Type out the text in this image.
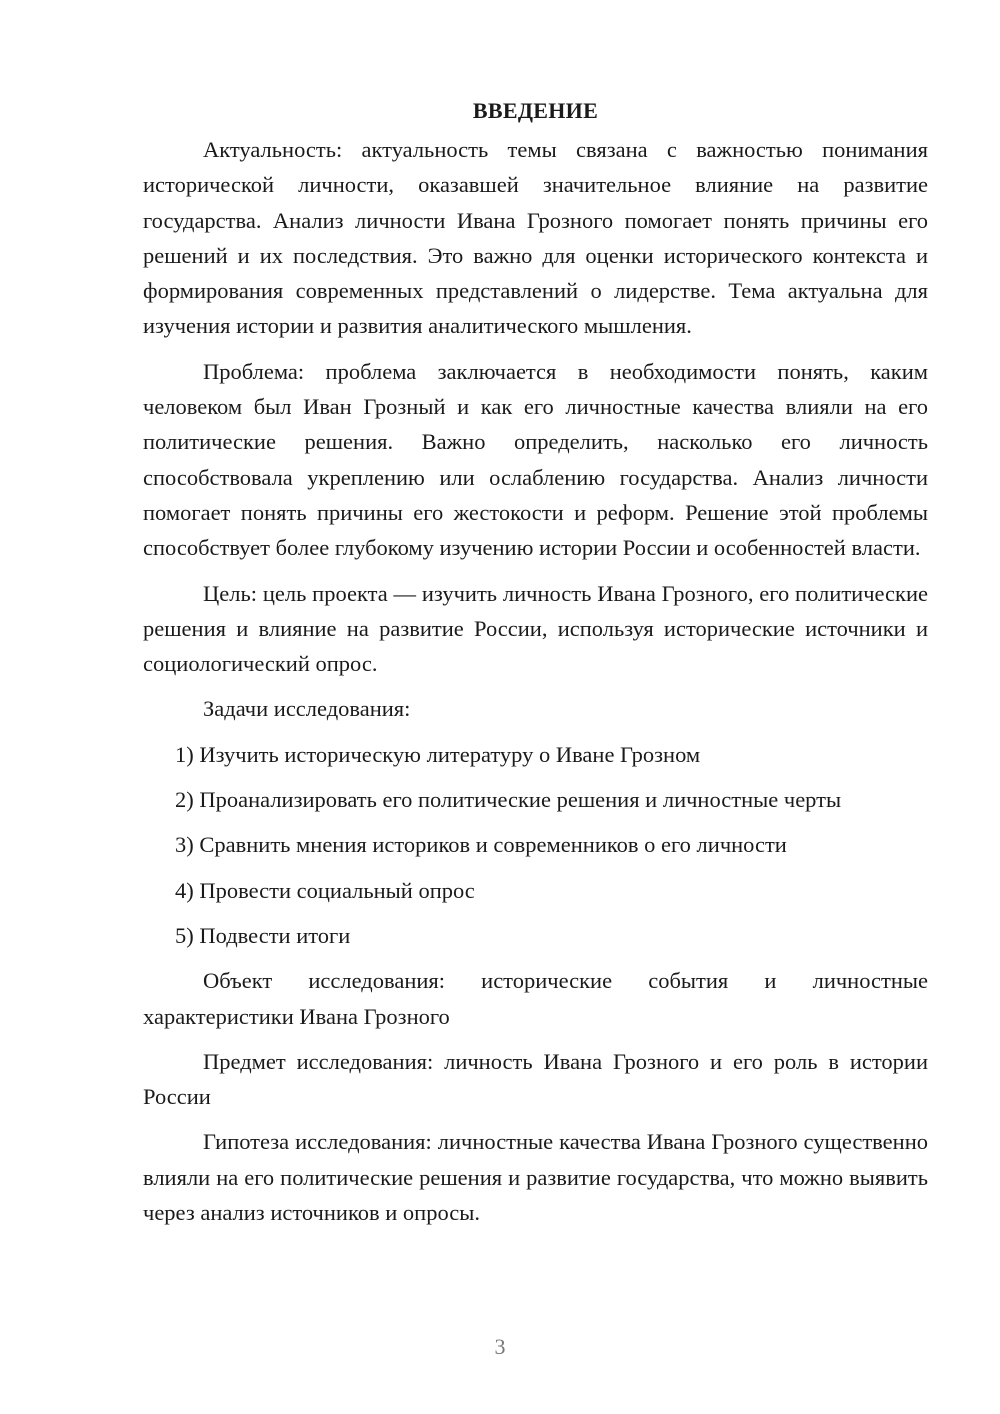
ВВЕДЕНИЕ

Актуальность: актуальность темы связана с важностью понимания исторической личности, оказавшей значительное влияние на развитие государства. Анализ личности Ивана Грозного помогает понять причины его решений и их последствия. Это важно для оценки исторического контекста и формирования современных представлений о лидерстве. Тема актуальна для изучения истории и развития аналитического мышления.

Проблема: проблема заключается в необходимости понять, каким человеком был Иван Грозный и как его личностные качества влияли на его политические решения. Важно определить, насколько его личность способствовала укреплению или ослаблению государства. Анализ личности помогает понять причины его жестокости и реформ. Решение этой проблемы способствует более глубокому изучению истории России и особенностей власти.

Цель: цель проекта — изучить личность Ивана Грозного, его политические решения и влияние на развитие России, используя исторические источники и социологический опрос.

Задачи исследования:

1) Изучить историческую литературу о Иване Грозном
2) Проанализировать его политические решения и личностные черты
3) Сравнить мнения историков и современников о его личности
4) Провести социальный опрос
5) Подвести итоги

Объект исследования: исторические события и личностные характеристики Ивана Грозного

Предмет исследования: личность Ивана Грозного и его роль в истории России

Гипотеза исследования: личностные качества Ивана Грозного существенно влияли на его политические решения и развитие государства, что можно выявить через анализ источников и опросы.

3
